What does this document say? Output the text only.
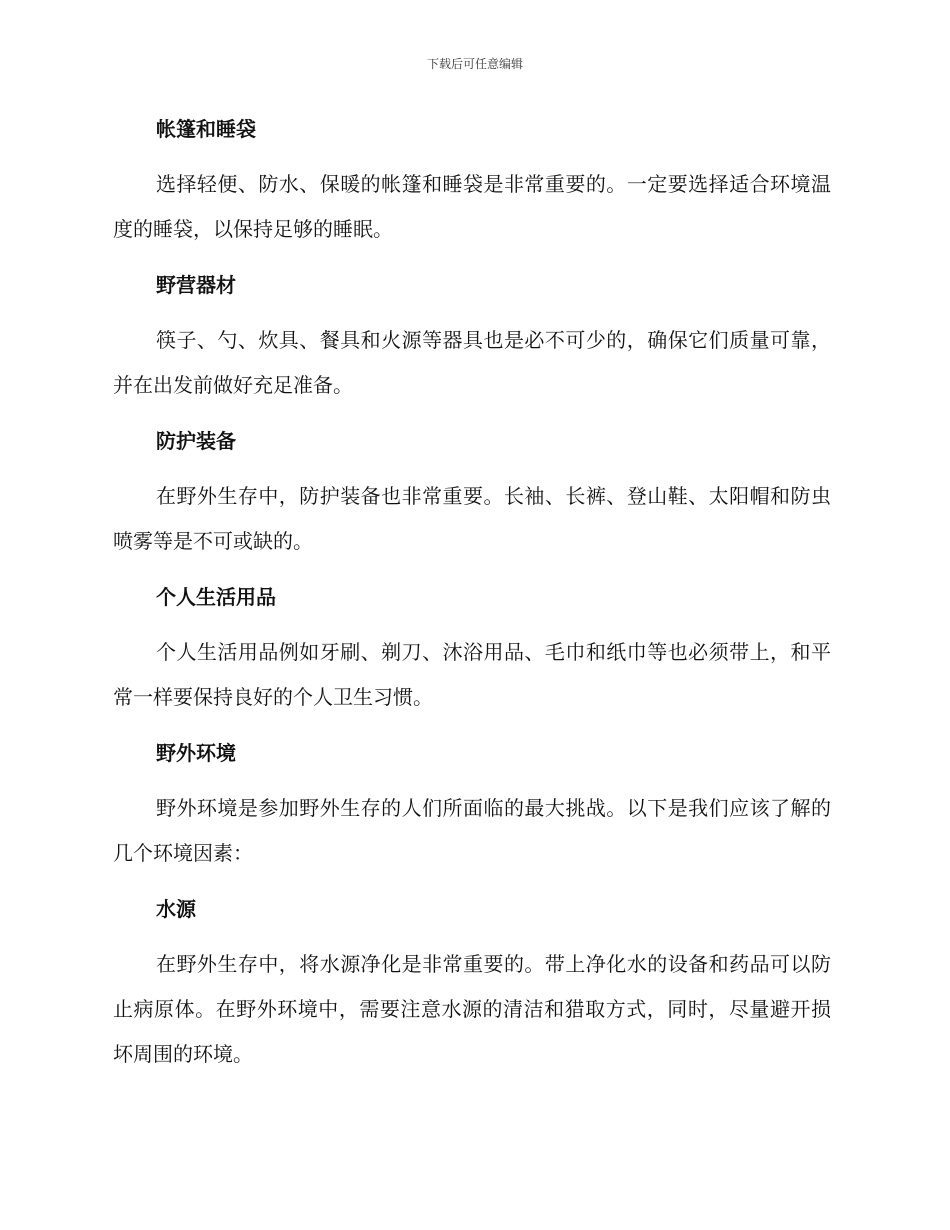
下载后可任意编辑
帐篷和睡袋

选择轻便、防水、保暖的帐篷和睡袋是非常重要的。一定要选择适合环境温度的睡袋，以保持足够的睡眠。

野营器材

筷子、勺、炊具、餐具和火源等器具也是必不可少的，确保它们质量可靠，并在出发前做好充足准备。

防护装备

在野外生存中，防护装备也非常重要。长袖、长裤、登山鞋、太阳帽和防虫喷雾等是不可或缺的。

个人生活用品

个人生活用品例如牙刷、剃刀、沐浴用品、毛巾和纸巾等也必须带上，和平常一样要保持良好的个人卫生习惯。

野外环境

野外环境是参加野外生存的人们所面临的最大挑战。以下是我们应该了解的几个环境因素：

水源

在野外生存中，将水源净化是非常重要的。带上净化水的设备和药品可以防止病原体。在野外环境中，需要注意水源的清洁和猎取方式，同时，尽量避开损坏周围的环境。
